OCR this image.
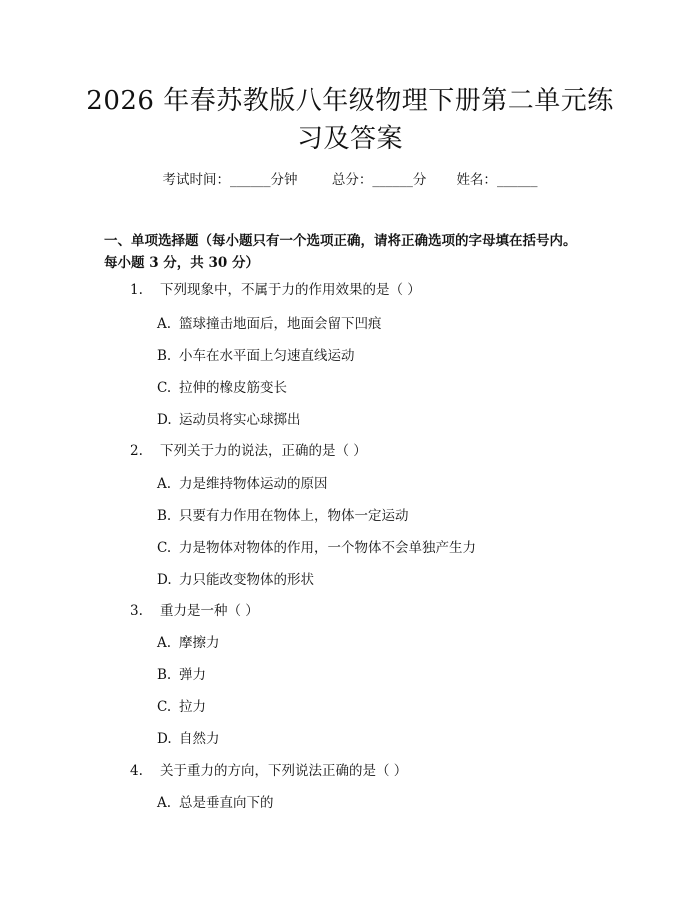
2026 年春苏教版八年级物理下册第二单元练
习及答案
考试时间：______分钟	总分：______分 姓名：______
一、单项选择题（每小题只有一个选项正确，请将正确选项的字母填在括号内。
每小题 3 分，共 30 分）
1. 下列现象中，不属于力的作用效果的是（ ）
A. 篮球撞击地面后，地面会留下凹痕
B. 小车在水平面上匀速直线运动
C. 拉伸的橡皮筋变长
D. 运动员将实心球掷出
2. 下列关于力的说法，正确的是（ ）
A. 力是维持物体运动的原因
B. 只要有力作用在物体上，物体一定运动
C. 力是物体对物体的作用，一个物体不会单独产生力
D. 力只能改变物体的形状
3. 重力是一种（ ）
A. 摩擦力
B. 弹力
C. 拉力
D. 自然力
4. 关于重力的方向，下列说法正确的是（ ）
A. 总是垂直向下的
